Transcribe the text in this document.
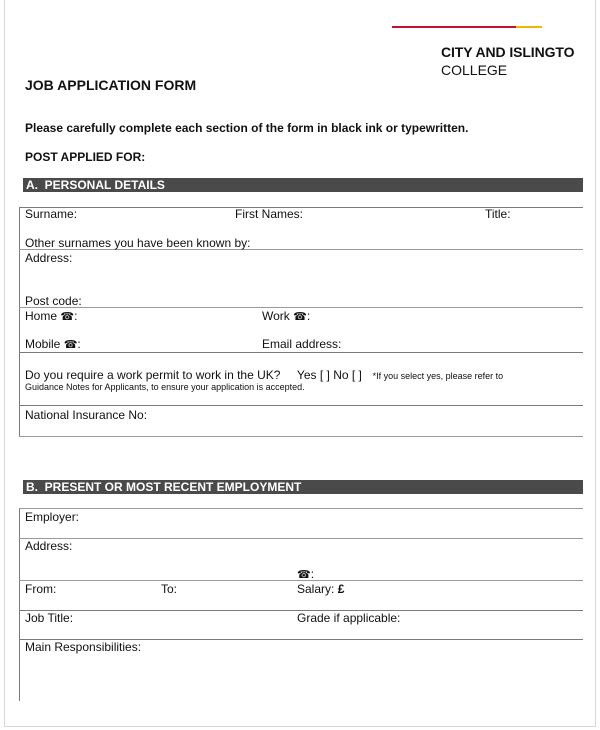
CITY AND ISLINGTO
COLLEGE
JOB APPLICATION FORM
Please carefully complete each section of the form in black ink or typewritten.
POST APPLIED FOR:
A.  PERSONAL DETAILS
Surname:	First Names:	Title:
Other surnames you have been known by:
Address:
Post code:
Home ☎:	Work ☎:
Mobile ☎:	Email address:
Do you require a work permit to work in the UK? Yes [ ] No [ ] *If you select yes, please refer to
Guidance Notes for Applicants, to ensure your application is accepted.
National Insurance No:
B.  PRESENT OR MOST RECENT EMPLOYMENT
Employer:
Address:
☎:
From:	To:	Salary: £
Job Title:	Grade if applicable:
Main Responsibilities:
